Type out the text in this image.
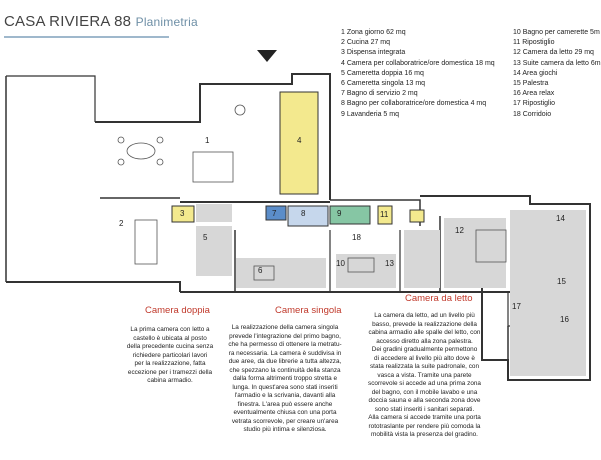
CASA RIVIERA 88 Planimetria
1 Zona giorno 62 mq
2 Cucina 27 mq
3 Dispensa integrata
4 Camera per collaboratrice/ore domestica 18 mq
5 Cameretta doppia 16 mq
6 Cameretta singola 13 mq
7 Bagno di servizio 2 mq
8 Bagno per collaboratrice/ore domestica 4 mq
9 Lavanderia 5 mq
10 Bagno per camerette 5m
11 Ripostiglio
12 Camera da letto 29 mq
13 Suite camera da letto 6m
14 Area giochi
15 Palestra
16 Area relax
17 Ripostiglio
18 Corridoio
1
2
3
4
5
6
7	8	9
10
11
12
13
14
15
16
17
18
Camera doppia
La prima camera con letto a
castello è ubicata al posto
della precedente cucina senza
richiedere particolari lavori
per la realizzazione, fatta
eccezione per i tramezzi della
cabina armadio.
Camera singola
La realizzazione della camera singola
prevede l'integrazione del primo bagno,
che ha permesso di ottenere la metratu-
ra necessaria. La camera è suddivisa in
due aree, da due librerie a tutta altezza,
che spezzano la continuità della stanza
dalla forma altrimenti troppo stretta e
lunga. In quest'area sono stati inseriti
l'armadio e la scrivania, davanti alla
finestra. L'area può essere anche
eventualmente chiusa con una porta
vetrata scorrevole, per creare un'area
studio più intima e silenziosa.
Camera da letto
La camera da letto, ad un livello più
basso, prevede la realizzazione della
cabina armadio alle spalle del letto, con
accesso diretto alla zona palestra.
Dei gradini gradualmente permettono
di accedere al livello più alto dove è
stata realizzata la suite padronale, con
vasca a vista. Tramite una parete
scorrevole si accede ad una prima zona
del bagno, con il mobile lavabo e una
doccia sauna e alla seconda zona dove
sono stati inseriti i sanitari separati.
Alla camera si accede tramite una porta
rototraslante per rendere più comoda la
mobilità vista la presenza del gradino.
